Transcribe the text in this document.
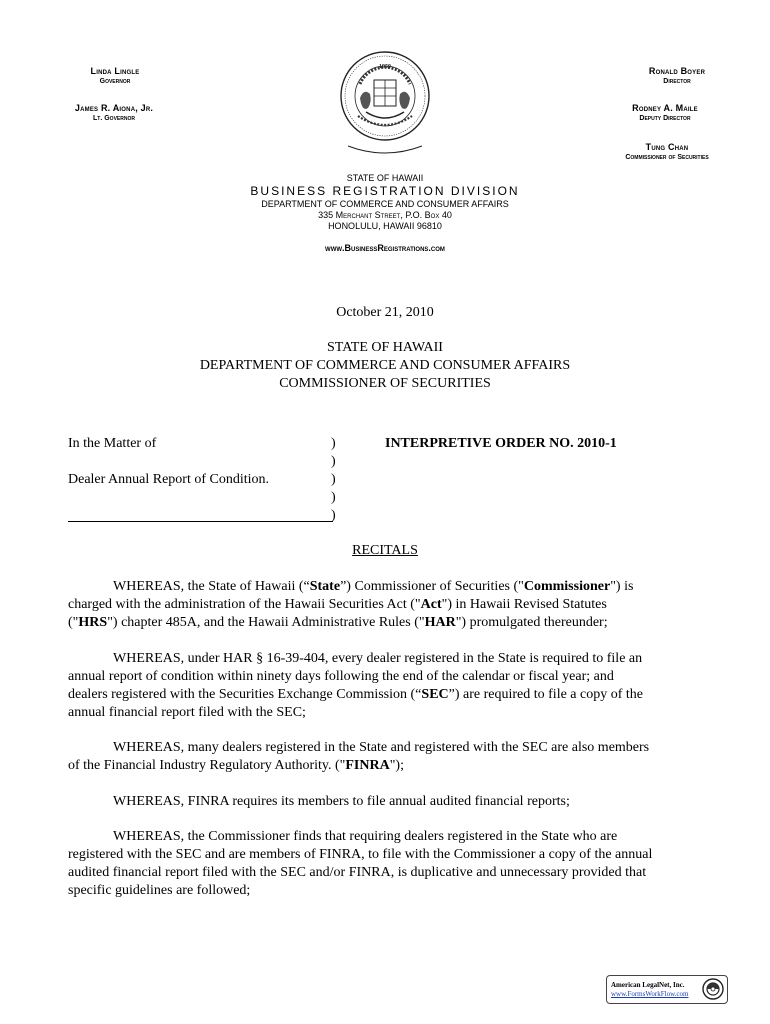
Linda Lingle
Governor
James R. Aiona, Jr.
Lt. Governor
1959	Ronald Boyer
Director
Rodney A. Maile
Deputy Director
Tung Chan
Commissioner of Securities
STATE OF HAWAII
BUSINESS REGISTRATION DIVISION
DEPARTMENT OF COMMERCE AND CONSUMER AFFAIRS
335 Merchant Street, P.O. Box 40
HONOLULU, HAWAII 96810
www.BusinessRegistrations.com
October 21, 2010
STATE OF HAWAII
DEPARTMENT OF COMMERCE AND CONSUMER AFFAIRS
COMMISSIONER OF SECURITIES
In the Matter of
Dealer Annual Report of Condition.
)
)
)
)
)
INTERPRETIVE ORDER NO. 2010-1
RECITALS
WHEREAS, the State of Hawaii (“State”) Commissioner of Securities ("Commissioner") is
charged with the administration of the Hawaii Securities Act ("Act") in Hawaii Revised Statutes
("HRS") chapter 485A, and the Hawaii Administrative Rules ("HAR") promulgated thereunder;
WHEREAS, under HAR § 16-39-404, every dealer registered in the State is required to file an
annual report of condition within ninety days following the end of the calendar or fiscal year; and
dealers registered with the Securities Exchange Commission (“SEC”) are required to file a copy of the
annual financial report filed with the SEC;
WHEREAS, many dealers registered in the State and registered with the SEC are also members
of the Financial Industry Regulatory Authority. ("FINRA");
WHEREAS, FINRA requires its members to file annual audited financial reports;
WHEREAS, the Commissioner finds that requiring dealers registered in the State who are
registered with the SEC and are members of FINRA, to file with the Commissioner a copy of the annual
audited financial report filed with the SEC and/or FINRA, is duplicative and unnecessary provided that
specific guidelines are followed;
American LegalNet, Inc.
www.FormsWorkFlow.com
